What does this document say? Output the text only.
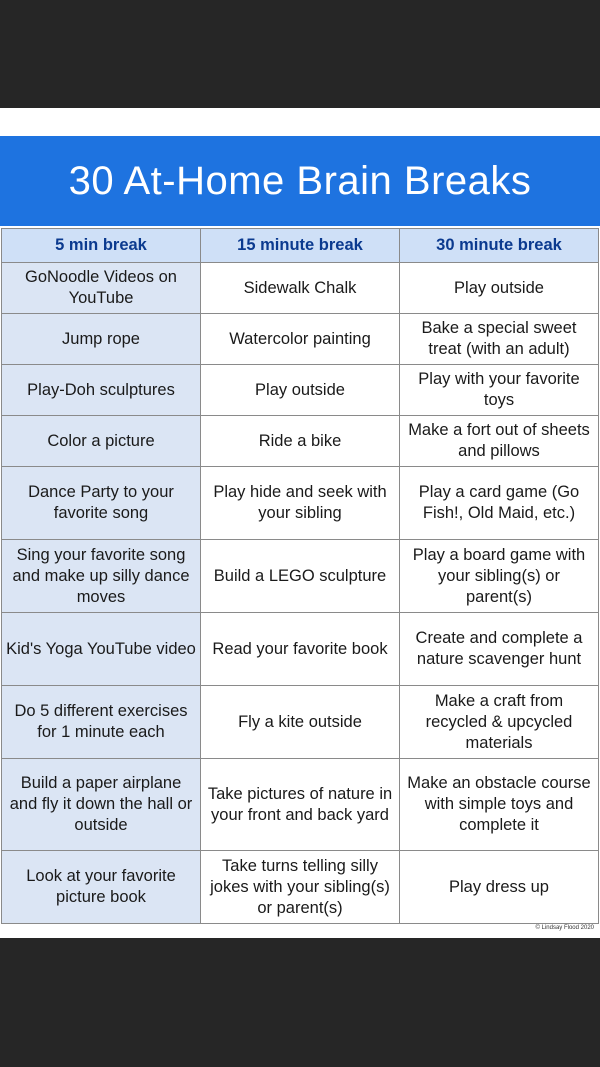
30 At-Home Brain Breaks
5 min break	15 minute break	30 minute break
GoNoodle Videos on YouTube	Sidewalk Chalk	Play outside
Jump rope	Watercolor painting	Bake a special sweet treat (with an adult)
Play-Doh sculptures	Play outside	Play with your favorite toys
Color a picture	Ride a bike	Make a fort out of sheets and pillows
Dance Party to your favorite song	Play hide and seek with your sibling	Play a card game (Go Fish!, Old Maid, etc.)
Sing your favorite song and make up silly dance moves	Build a LEGO sculpture	Play a board game with your sibling(s) or parent(s)
Kid's Yoga YouTube video	Read your favorite book	Create and complete a nature scavenger hunt
Do 5 different exercises for 1 minute each	Fly a kite outside	Make a craft from recycled & upcycled materials
Build a paper airplane and fly it down the hall or outside	Take pictures of nature in your front and back yard	Make an obstacle course with simple toys and complete it
Look at your favorite picture book	Take turns telling silly jokes with your sibling(s) or parent(s)	Play dress up
© Lindsay Flood 2020
